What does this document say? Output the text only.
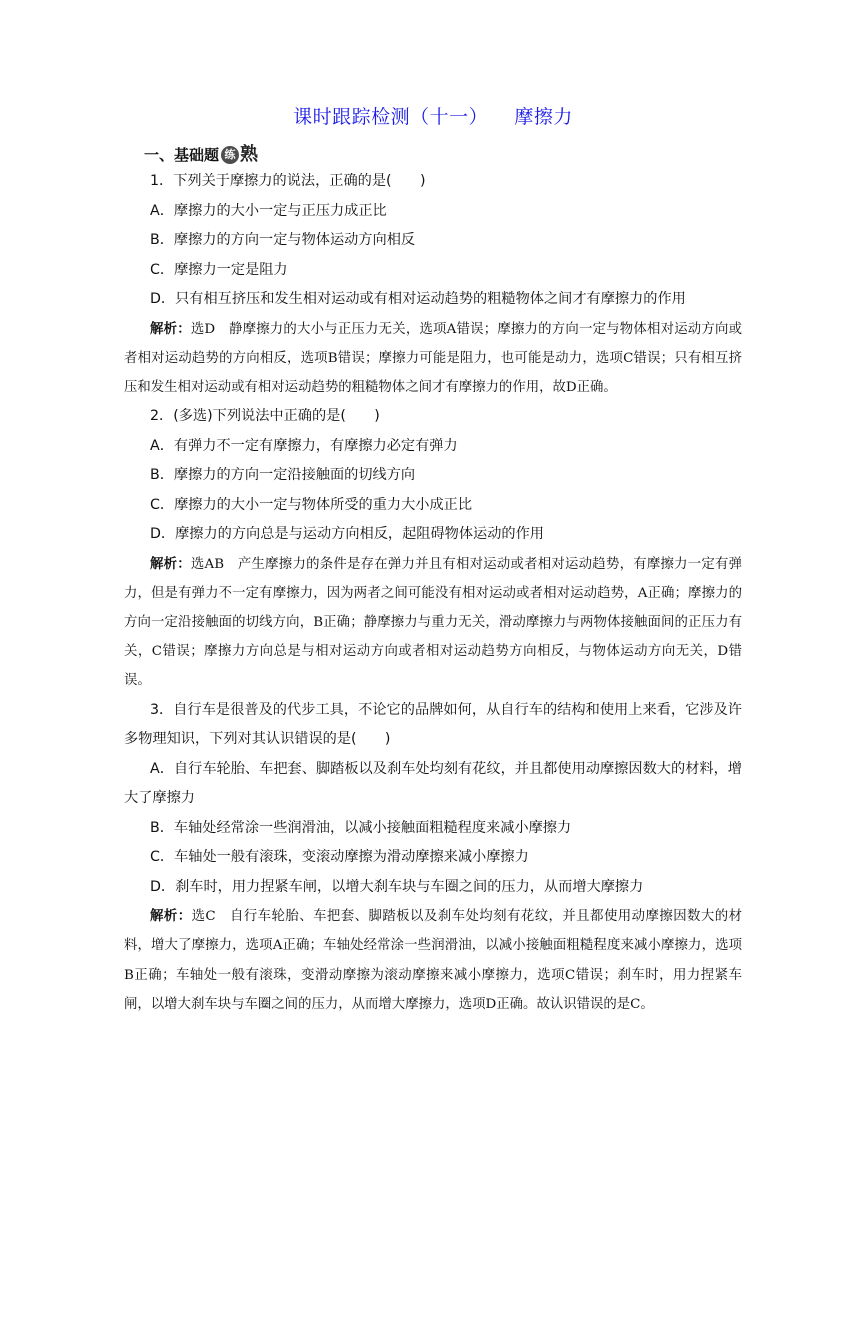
课时跟踪检测（十一）    摩擦力
一、基础题 练 熟

1．下列关于摩擦力的说法，正确的是(　　)

A．摩擦力的大小一定与正压力成正比

B．摩擦力的方向一定与物体运动方向相反

C．摩擦力一定是阻力

D．只有相互挤压和发生相对运动或有相对运动趋势的粗糙物体之间才有摩擦力的作用

解析：选D　静摩擦力的大小与正压力无关，选项A错误；摩擦力的方向一定与物体相对运动方向或者相对运动趋势的方向相反，选项B错误；摩擦力可能是阻力，也可能是动力，选项C错误；只有相互挤压和发生相对运动或有相对运动趋势的粗糙物体之间才有摩擦力的作用，故D正确。

2．(多选)下列说法中正确的是(　　)

A．有弹力不一定有摩擦力，有摩擦力必定有弹力

B．摩擦力的方向一定沿接触面的切线方向

C．摩擦力的大小一定与物体所受的重力大小成正比

D．摩擦力的方向总是与运动方向相反，起阻碍物体运动的作用

解析：选AB　产生摩擦力的条件是存在弹力并且有相对运动或者相对运动趋势，有摩擦力一定有弹力，但是有弹力不一定有摩擦力，因为两者之间可能没有相对运动或者相对运动趋势，A正确；摩擦力的方向一定沿接触面的切线方向，B正确；静摩擦力与重力无关，滑动摩擦力与两物体接触面间的正压力有关，C错误；摩擦力方向总是与相对运动方向或者相对运动趋势方向相反，与物体运动方向无关，D错误。

3．自行车是很普及的代步工具，不论它的品牌如何，从自行车的结构和使用上来看，它涉及许多物理知识，下列对其认识错误的是(　　)

A．自行车轮胎、车把套、脚踏板以及刹车处均刻有花纹，并且都使用动摩擦因数大的材料，增大了摩擦力

B．车轴处经常涂一些润滑油，以减小接触面粗糙程度来减小摩擦力

C．车轴处一般有滚珠，变滚动摩擦为滑动摩擦来减小摩擦力

D．刹车时，用力捏紧车闸，以增大刹车块与车圈之间的压力，从而增大摩擦力

解析：选C　自行车轮胎、车把套、脚踏板以及刹车处均刻有花纹，并且都使用动摩擦因数大的材料，增大了摩擦力，选项A正确；车轴处经常涂一些润滑油，以减小接触面粗糙程度来减小摩擦力，选项B正确；车轴处一般有滚珠，变滑动摩擦为滚动摩擦来减小摩擦力，选项C错误；刹车时，用力捏紧车闸，以增大刹车块与车圈之间的压力，从而增大摩擦力，选项D正确。故认识错误的是C。
